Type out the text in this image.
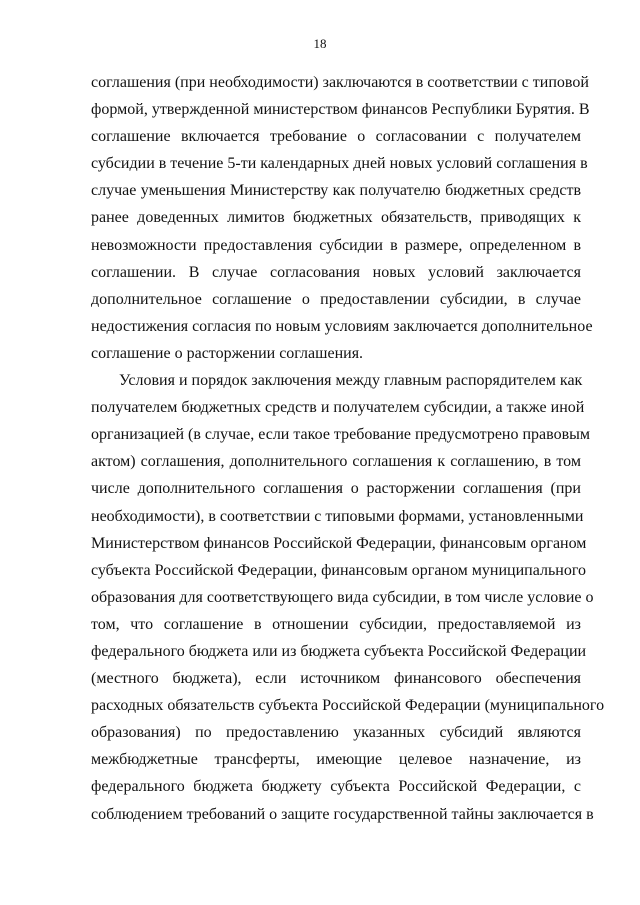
18
соглашения (при необходимости) заключаются в соответствии с типовой
формой, утвержденной министерством финансов Республики Бурятия. В
соглашение включается требование о согласовании с получателем
субсидии в течение 5-ти календарных дней новых условий соглашения в
случае уменьшения Министерству как получателю бюджетных средств
ранее доведенных лимитов бюджетных обязательств, приводящих к
невозможности предоставления субсидии в размере, определенном в
соглашении. В случае согласования новых условий заключается
дополнительное соглашение о предоставлении субсидии, в случае
недостижения согласия по новым условиям заключается дополнительное
соглашение о расторжении соглашения.
Условия и порядок заключения между главным распорядителем как
получателем бюджетных средств и получателем субсидии, а также иной
организацией (в случае, если такое требование предусмотрено правовым
актом) соглашения, дополнительного соглашения к соглашению, в том
числе дополнительного соглашения о расторжении соглашения (при
необходимости), в соответствии с типовыми формами, установленными
Министерством финансов Российской Федерации, финансовым органом
субъекта Российской Федерации, финансовым органом муниципального
образования для соответствующего вида субсидии, в том числе условие о
том, что соглашение в отношении субсидии, предоставляемой из
федерального бюджета или из бюджета субъекта Российской Федерации
(местного бюджета), если источником финансового обеспечения
расходных обязательств субъекта Российской Федерации (муниципального
образования) по предоставлению указанных субсидий являются
межбюджетные трансферты, имеющие целевое назначение, из
федерального бюджета бюджету субъекта Российской Федерации, с
соблюдением требований о защите государственной тайны заключается в
